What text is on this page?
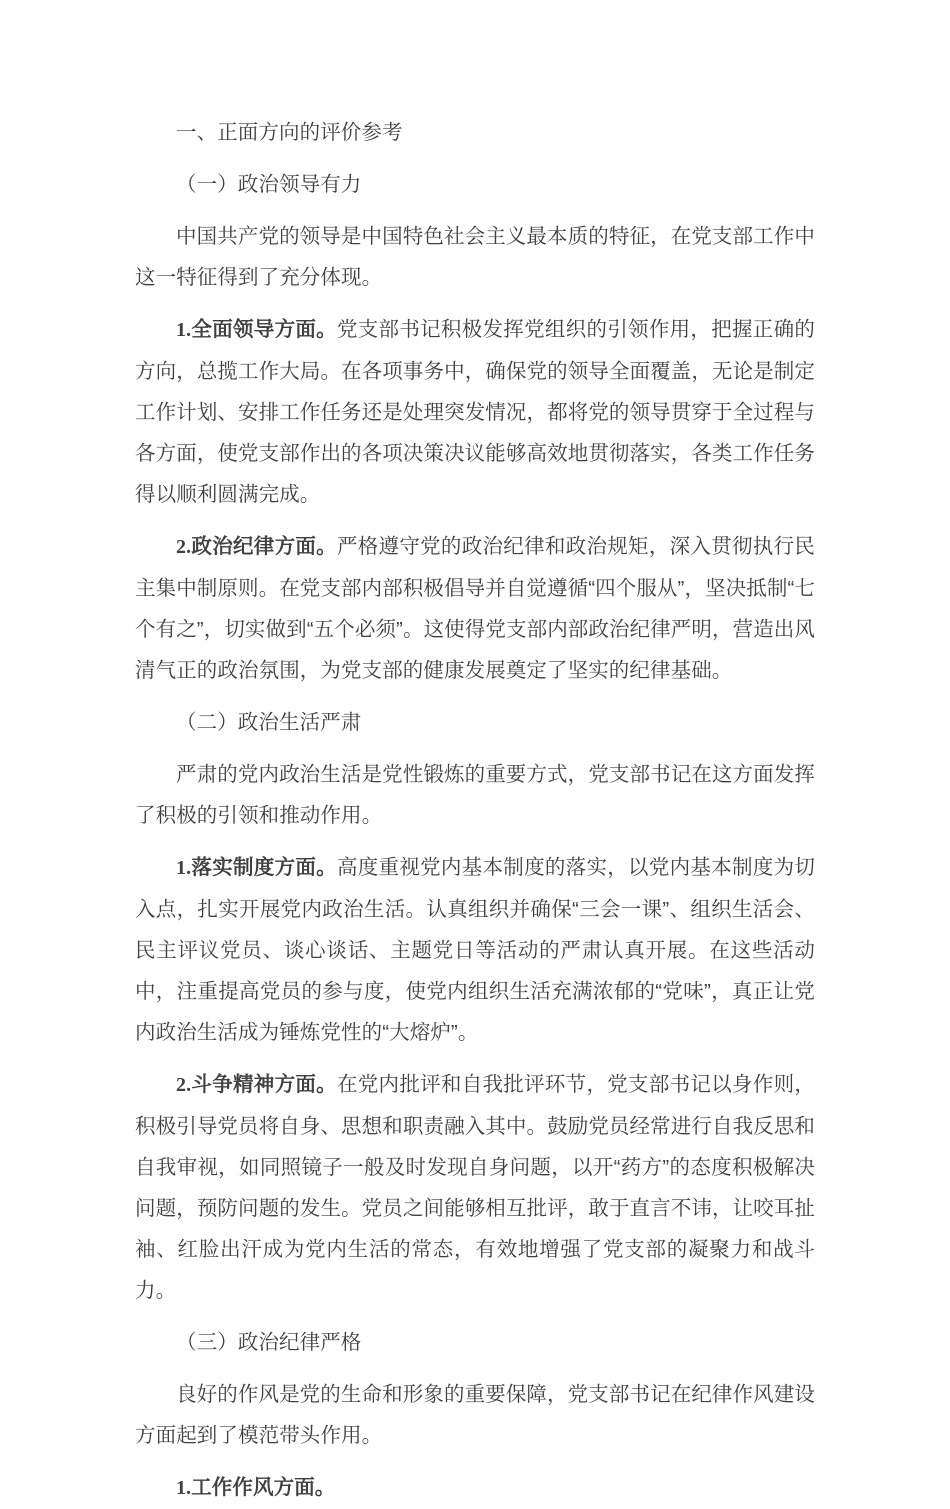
一、正面方向的评价参考

（一）政治领导有力

中国共产党的领导是中国特色社会主义最本质的特征，在党支部工作中这一特征得到了充分体现。

1.全面领导方面。党支部书记积极发挥党组织的引领作用，把握正确的方向，总揽工作大局。在各项事务中，确保党的领导全面覆盖，无论是制定工作计划、安排工作任务还是处理突发情况，都将党的领导贯穿于全过程与各方面，使党支部作出的各项决策决议能够高效地贯彻落实，各类工作任务得以顺利圆满完成。

2.政治纪律方面。严格遵守党的政治纪律和政治规矩，深入贯彻执行民主集中制原则。在党支部内部积极倡导并自觉遵循“四个服从”，坚决抵制“七个有之”，切实做到“五个必须”。这使得党支部内部政治纪律严明，营造出风清气正的政治氛围，为党支部的健康发展奠定了坚实的纪律基础。

（二）政治生活严肃

严肃的党内政治生活是党性锻炼的重要方式，党支部书记在这方面发挥了积极的引领和推动作用。

1.落实制度方面。高度重视党内基本制度的落实，以党内基本制度为切入点，扎实开展党内政治生活。认真组织并确保“三会一课”、组织生活会、民主评议党员、谈心谈话、主题党日等活动的严肃认真开展。在这些活动中，注重提高党员的参与度，使党内组织生活充满浓郁的“党味”，真正让党内政治生活成为锤炼党性的“大熔炉”。

2.斗争精神方面。在党内批评和自我批评环节，党支部书记以身作则，积极引导党员将自身、思想和职责融入其中。鼓励党员经常进行自我反思和自我审视，如同照镜子一般及时发现自身问题，以开“药方”的态度积极解决问题，预防问题的发生。党员之间能够相互批评，敢于直言不讳，让咬耳扯袖、红脸出汗成为党内生活的常态，有效地增强了党支部的凝聚力和战斗力。

（三）政治纪律严格

良好的作风是党的生命和形象的重要保障，党支部书记在纪律作风建设方面起到了模范带头作用。

1.工作作风方面。
